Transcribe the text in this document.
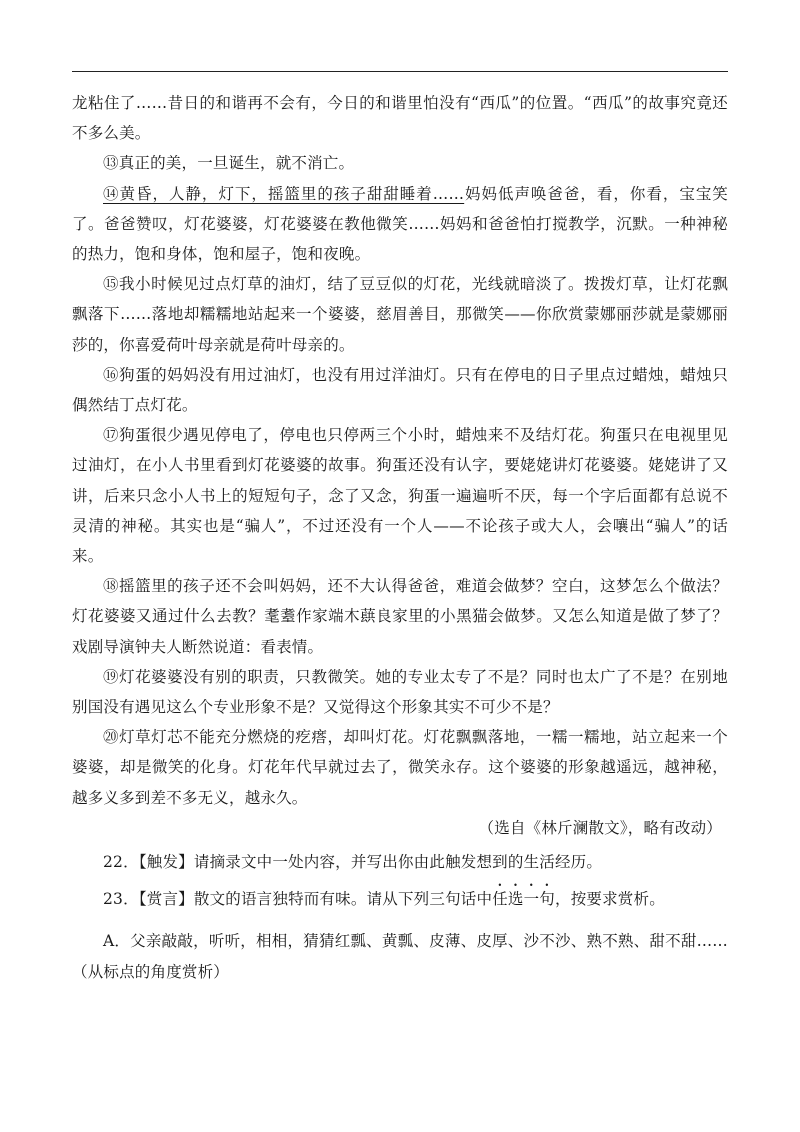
龙粘住了……昔日的和谐再不会有，今日的和谐里怕没有“西瓜”的位置。“西瓜”的故事究竟还不多么美。

⑬真正的美，一旦诞生，就不消亡。

⑭黄昏，人静，灯下，摇篮里的孩子甜甜睡着……妈妈低声唤爸爸，看，你看，宝宝笑了。爸爸赞叹，灯花婆婆，灯花婆婆在教他微笑……妈妈和爸爸怕打搅教学，沉默。一种神秘的热力，饱和身体，饱和屋子，饱和夜晚。

⑮我小时候见过点灯草的油灯，结了豆豆似的灯花，光线就暗淡了。拨拨灯草，让灯花飘飘落下……落地却糯糯地站起来一个婆婆，慈眉善目，那微笑——你欣赏蒙娜丽莎就是蒙娜丽莎的，你喜爱荷叶母亲就是荷叶母亲的。

⑯狗蛋的妈妈没有用过油灯，也没有用过洋油灯。只有在停电的日子里点过蜡烛，蜡烛只偶然结丁点灯花。

⑰狗蛋很少遇见停电了，停电也只停两三个小时，蜡烛来不及结灯花。狗蛋只在电视里见过油灯，在小人书里看到灯花婆婆的故事。狗蛋还没有认字，要姥姥讲灯花婆婆。姥姥讲了又讲，后来只念小人书上的短短句子，念了又念，狗蛋一遍遍听不厌，每一个字后面都有总说不灵清的神秘。其实也是“骗人”，不过还没有一个人——不论孩子或大人，会嚷出“骗人”的话来。

⑱摇篮里的孩子还不会叫妈妈，还不大认得爸爸，难道会做梦？空白，这梦怎么个做法？灯花婆婆又通过什么去教？耄耋作家端木蕻良家里的小黑猫会做梦。又怎么知道是做了梦了？戏剧导演钟夫人断然说道：看表情。

⑲灯花婆婆没有别的职责，只教微笑。她的专业太专了不是？同时也太广了不是？在别地别国没有遇见这么个专业形象不是？又觉得这个形象其实不可少不是？

⑳灯草灯芯不能充分燃烧的疙瘩，却叫灯花。灯花飘飘落地，一糯一糯地，站立起来一个婆婆，却是微笑的化身。灯花年代早就过去了，微笑永存。这个婆婆的形象越遥远，越神秘，越多义多到差不多无义，越永久。

（选自《林斤澜散文》，略有改动）

22．【触发】请摘录文中一处内容，并写出你由此触发想到的生活经历。

23．【赏言】散文的语言独特而有味。请从下列三句话中任选一句，按要求赏析。

A．父亲敲敲，听听，相相，猜猜红瓢、黄瓢、皮薄、皮厚、沙不沙、熟不熟、甜不甜……（从标点的角度赏析）
